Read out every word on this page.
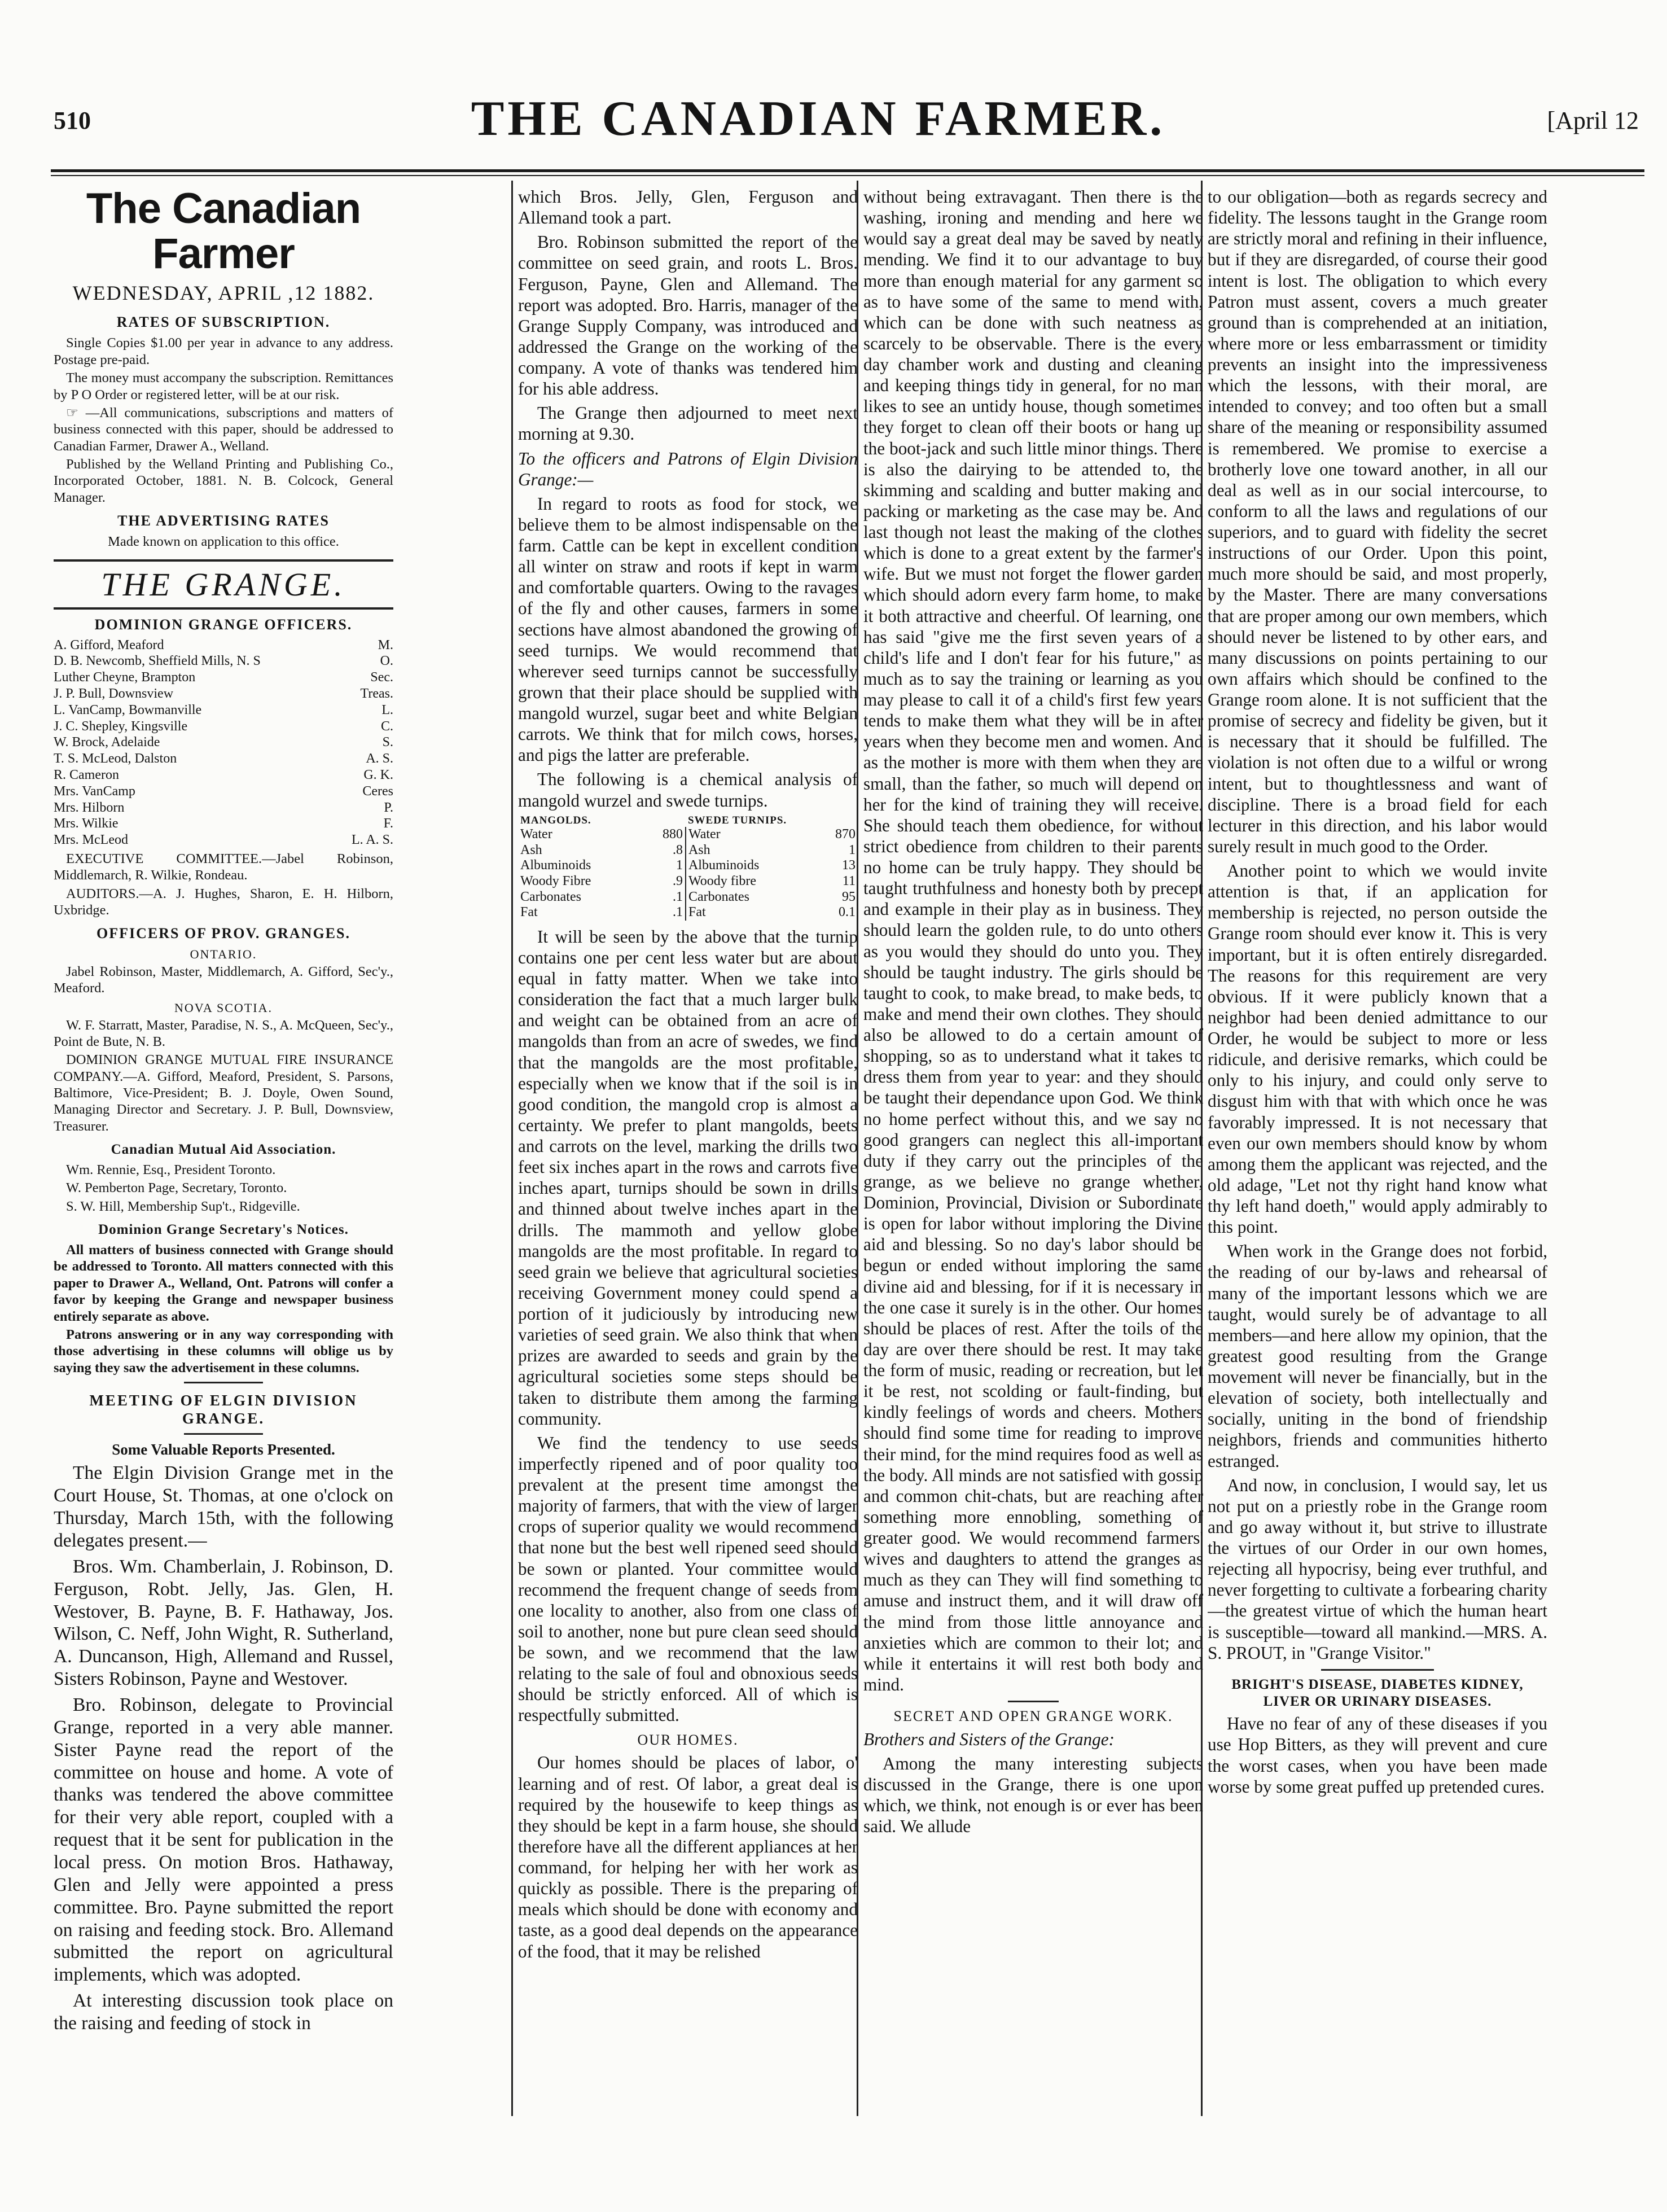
510	THE CANADIAN FARMER.	[April 12
The Canadian Farmer
WEDNESDAY, APRIL ,12 1882.
RATES OF SUBSCRIPTION.

Single Copies $1.00 per year in advance to any address. Postage pre-paid.

The money must accompany the subscription. Remittances by P O Order or registered letter, will be at our risk.

☞ —All communications, subscriptions and matters of business connected with this paper, should be addressed to Canadian Farmer, Drawer A., Welland.

Published by the Welland Printing and Publishing Co., Incorporated October, 1881. N. B. Colcock, General Manager.

THE ADVERTISING RATES
Made known on application to this office.
THE GRANGE.
DOMINION GRANGE OFFICERS.
A. Gifford, Meaford	M.
D. B. Newcomb, Sheffield Mills, N. S	O.
Luther Cheyne, Brampton	Sec.
J. P. Bull, Downsview	Treas.
L. VanCamp, Bowmanville	L.
J. C. Shepley, Kingsville	C.
W. Brock, Adelaide	S.
T. S. McLeod, Dalston	A. S.
R. Cameron	G. K.
Mrs. VanCamp	Ceres
Mrs. Hilborn	P.
Mrs. Wilkie	F.
Mrs. McLeod	L. A. S.

EXECUTIVE COMMITTEE.—Jabel Robinson, Middlemarch, R. Wilkie, Rondeau.

AUDITORS.—A. J. Hughes, Sharon, E. H. Hilborn, Uxbridge.

OFFICERS OF PROV. GRANGES.
ONTARIO.

Jabel Robinson, Master, Middlemarch, A. Gifford, Sec'y., Meaford.

NOVA SCOTIA.

W. F. Starratt, Master, Paradise, N. S., A. McQueen, Sec'y., Point de Bute, N. B.

DOMINION GRANGE MUTUAL FIRE INSURANCE COMPANY.—A. Gifford, Meaford, President, S. Parsons, Baltimore, Vice-President; B. J. Doyle, Owen Sound, Managing Director and Secretary. J. P. Bull, Downsview, Treasurer.

Canadian Mutual Aid Association.

Wm. Rennie, Esq., President Toronto.

W. Pemberton Page, Secretary, Toronto.

S. W. Hill, Membership Sup't., Ridgeville.

Dominion Grange Secretary's Notices.

All matters of business connected with Grange should be addressed to Toronto. All matters connected with this paper to Drawer A., Welland, Ont. Patrons will confer a favor by keeping the Grange and newspaper business entirely separate as above.

Patrons answering or in any way corresponding with those advertising in these columns will oblige us by saying they saw the advertisement in these columns.

MEETING OF ELGIN DIVISION GRANGE.
Some Valuable Reports Presented.

The Elgin Division Grange met in the Court House, St. Thomas, at one o'clock on Thursday, March 15th, with the following delegates present.—

Bros. Wm. Chamberlain, J. Robinson, D. Ferguson, Robt. Jelly, Jas. Glen, H. Westover, B. Payne, B. F. Hathaway, Jos. Wilson, C. Neff, John Wight, R. Sutherland, A. Duncanson, High, Allemand and Russel, Sisters Robinson, Payne and Westover.

Bro. Robinson, delegate to Provincial Grange, reported in a very able manner. Sister Payne read the report of the committee on house and home. A vote of thanks was tendered the above committee for their very able report, coupled with a request that it be sent for publication in the local press. On motion Bros. Hathaway, Glen and Jelly were appointed a press committee. Bro. Payne submitted the report on raising and feeding stock. Bro. Allemand submitted the report on agricultural implements, which was adopted.

At interesting discussion took place on the raising and feeding of stock in

which Bros. Jelly, Glen, Ferguson and Allemand took a part.

Bro. Robinson submitted the report of the committee on seed grain, and roots L. Bros. Ferguson, Payne, Glen and Allemand. The report was adopted. Bro. Harris, manager of the Grange Supply Company, was introduced and addressed the Grange on the working of the company. A vote of thanks was tendered him for his able address.

The Grange then adjourned to meet next morning at 9.30.

To the officers and Patrons of Elgin Division Grange:—

In regard to roots as food for stock, we believe them to be almost indispensable on the farm. Cattle can be kept in excellent condition all winter on straw and roots if kept in warm and comfortable quarters. Owing to the ravages of the fly and other causes, farmers in some sections have almost abandoned the growing of seed turnips. We would recommend that wherever seed turnips cannot be successfully grown that their place should be supplied with mangold wurzel, sugar beet and white Belgian carrots. We think that for milch cows, horses, and pigs the latter are preferable.

The following is a chemical analysis of mangold wurzel and swede turnips.

MANGOLDS.		SWEDE TURNIPS.	
Water	880	Water	870
Ash	.8	Ash	1
Albuminoids	1	Albuminoids	13
Woody Fibre	.9	Woody fibre	11
Carbonates	.1	Carbonates	95
Fat	.1	Fat	0.1

It will be seen by the above that the turnip contains one per cent less water but are about equal in fatty matter. When we take into consideration the fact that a much larger bulk and weight can be obtained from an acre of mangolds than from an acre of swedes, we find that the mangolds are the most profitable, especially when we know that if the soil is in good condition, the mangold crop is almost a certainty. We prefer to plant mangolds, beets and carrots on the level, marking the drills two feet six inches apart in the rows and carrots five inches apart, turnips should be sown in drills and thinned about twelve inches apart in the drills. The mammoth and yellow globe mangolds are the most profitable. In regard to seed grain we believe that agricultural societies receiving Government money could spend a portion of it judiciously by introducing new varieties of seed grain. We also think that when prizes are awarded to seeds and grain by the agricultural societies some steps should be taken to distribute them among the farming community.

We find the tendency to use seeds imperfectly ripened and of poor quality too prevalent at the present time amongst the majority of farmers, that with the view of larger crops of superior quality we would recommend that none but the best well ripened seed should be sown or planted. Your committee would recommend the frequent change of seeds from one locality to another, also from one class of soil to another, none but pure clean seed should be sown, and we recommend that the law relating to the sale of foul and obnoxious seeds should be strictly enforced. All of which is respectfully submitted.

OUR HOMES.

Our homes should be places of labor, o' learning and of rest. Of labor, a great deal is required by the housewife to keep things as they should be kept in a farm house, she should therefore have all the different appliances at her command, for helping her with her work as quickly as possible. There is the preparing of meals which should be done with economy and taste, as a good deal depends on the appearance of the food, that it may be relished

without being extravagant. Then there is the washing, ironing and mending and here we would say a great deal may be saved by neatly mending. We find it to our advantage to buy more than enough material for any garment so as to have some of the same to mend with, which can be done with such neatness as scarcely to be observable. There is the every day chamber work and dusting and cleaning and keeping things tidy in general, for no man likes to see an untidy house, though sometimes they forget to clean off their boots or hang up the boot-jack and such little minor things. There is also the dairying to be attended to, the skimming and scalding and butter making and packing or marketing as the case may be. And last though not least the making of the clothes which is done to a great extent by the farmer's wife. But we must not forget the flower garden which should adorn every farm home, to make it both attractive and cheerful. Of learning, one has said "give me the first seven years of a child's life and I don't fear for his future," as much as to say the training or learning as you may please to call it of a child's first few years tends to make them what they will be in after years when they become men and women. And as the mother is more with them when they are small, than the father, so much will depend on her for the kind of training they will receive. She should teach them obedience, for without strict obedience from children to their parents no home can be truly happy. They should be taught truthfulness and honesty both by precept and example in their play as in business. They should learn the golden rule, to do unto others as you would they should do unto you. They should be taught industry. The girls should be taught to cook, to make bread, to make beds, to make and mend their own clothes. They should also be allowed to do a certain amount of shopping, so as to understand what it takes to dress them from year to year: and they should be taught their dependance upon God. We think no home perfect without this, and we say no good grangers can neglect this all-important duty if they carry out the principles of the grange, as we believe no grange whether, Dominion, Provincial, Division or Subordinate is open for labor without imploring the Divine aid and blessing. So no day's labor should be begun or ended without imploring the same divine aid and blessing, for if it is necessary in the one case it surely is in the other. Our homes should be places of rest. After the toils of the day are over there should be rest. It may take the form of music, reading or recreation, but let it be rest, not scolding or fault-finding, but kindly feelings of words and cheers. Mothers should find some time for reading to improve their mind, for the mind requires food as well as the body. All minds are not satisfied with gossip and common chit-chats, but are reaching after something more ennobling, something of greater good. We would recommend farmers' wives and daughters to attend the granges as much as they can They will find something to amuse and instruct them, and it will draw off the mind from those little annoyance and anxieties which are common to their lot; and while it entertains it will rest both body and mind.

SECRET AND OPEN GRANGE WORK.

Brothers and Sisters of the Grange:

Among the many interesting subjects discussed in the Grange, there is one upon which, we think, not enough is or ever has been said. We allude

to our obligation—both as regards secrecy and fidelity. The lessons taught in the Grange room are strictly moral and refining in their influence, but if they are disregarded, of course their good intent is lost. The obligation to which every Patron must assent, covers a much greater ground than is comprehended at an initiation, where more or less embarrassment or timidity prevents an insight into the impressiveness which the lessons, with their moral, are intended to convey; and too often but a small share of the meaning or responsibility assumed is remembered. We promise to exercise a brotherly love one toward another, in all our deal as well as in our social intercourse, to conform to all the laws and regulations of our superiors, and to guard with fidelity the secret instructions of our Order. Upon this point, much more should be said, and most properly, by the Master. There are many conversations that are proper among our own members, which should never be listened to by other ears, and many discussions on points pertaining to our own affairs which should be confined to the Grange room alone. It is not sufficient that the promise of secrecy and fidelity be given, but it is necessary that it should be fulfilled. The violation is not often due to a wilful or wrong intent, but to thoughtlessness and want of discipline. There is a broad field for each lecturer in this direction, and his labor would surely result in much good to the Order.

Another point to which we would invite attention is that, if an application for membership is rejected, no person outside the Grange room should ever know it. This is very important, but it is often entirely disregarded. The reasons for this requirement are very obvious. If it were publicly known that a neighbor had been denied admittance to our Order, he would be subject to more or less ridicule, and derisive remarks, which could be only to his injury, and could only serve to disgust him with that with which once he was favorably impressed. It is not necessary that even our own members should know by whom among them the applicant was rejected, and the old adage, "Let not thy right hand know what thy left hand doeth," would apply admirably to this point.

When work in the Grange does not forbid, the reading of our by-laws and rehearsal of many of the important lessons which we are taught, would surely be of advantage to all members—and here allow my opinion, that the greatest good resulting from the Grange movement will never be financially, but in the elevation of society, both intellectually and socially, uniting in the bond of friendship neighbors, friends and communities hitherto estranged.

And now, in conclusion, I would say, let us not put on a priestly robe in the Grange room and go away without it, but strive to illustrate the virtues of our Order in our own homes, rejecting all hypocrisy, being ever truthful, and never forgetting to cultivate a forbearing charity—the greatest virtue of which the human heart is susceptible—toward all mankind.—MRS. A. S. PROUT, in "Grange Visitor."

BRIGHT'S DISEASE, DIABETES KIDNEY, LIVER OR URINARY DISEASES.

Have no fear of any of these diseases if you use Hop Bitters, as they will prevent and cure the worst cases, when you have been made worse by some great puffed up pretended cures.
